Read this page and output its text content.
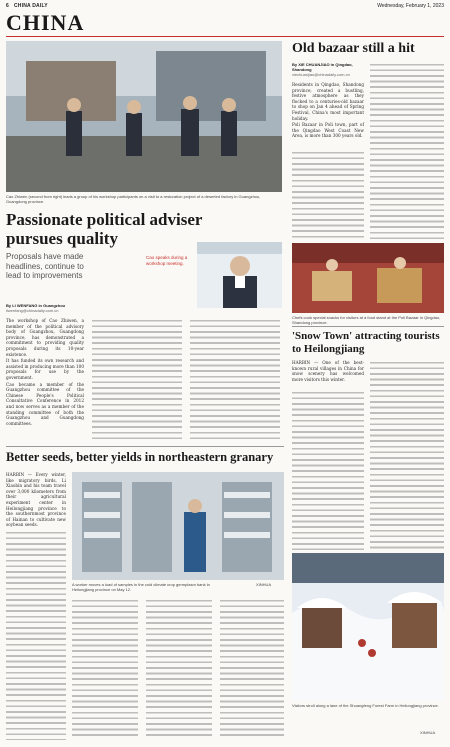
6 CHINA DAILY	Wednesday, February 1, 2023
CHINA
Cao Zhiwen (second from right) leads a group of his workshop participants on a visit to a restoration project of a deserted factory in Guangzhou, Guangdong province.
Passionate political adviser pursues quality
Proposals have made headlines, continue to lead to improvements
By LI WENFANG in Guangzhou
liwenfang@chinadaily.com.cn

The workshop of Cao Zhiwen, a member of the political advisory body of Guangzhou, Guangdong province, has demonstrated a commitment to providing quality proposals during its 10-year existence.

It has funded its own research and assisted in producing more than 100 proposals for use by the government.

Cao became a member of the Guangzhou committee of the Chinese People's Political Consultative Conference in 2012 and now serves as a member of the standing committee of both the Guangzhou and Guangdong committees.

Cao speaks during a workshop meeting.
Old bazaar still a hit
By XIE CHUANJIAO in Qingdao, Shandong
xiechuanjiao@chinadaily.com.cn

Residents in Qingdao, Shandong province, created a bustling, festive atmosphere as they flocked to a centuries-old bazaar to shop on Jan 4 ahead of Spring Festival, China's most important holiday.

Poli Bazaar in Poli town, part of the Qingdao West Coast New Area, is more than 300 years old.

Chefs cook special snacks for visitors at a food stand at the Poli Bazaar in Qingdao, Shandong province.
'Snow Town' attracting tourists to Heilongjiang
HARBIN — One of the best-known rural villages in China for snow scenery has welcomed more visitors this winter.
Better seeds, better yields in northeastern granary
HARBIN — Every winter, like migratory birds, Li Xiaobin and his team travel over 3,000 kilometers from their agricultural experiment center in Heilongjiang province to the southernmost province of Hainan to cultivate new soybean seeds.
A worker moves a load of samples in the cold climate crop germplasm bank in Heilongjiang province on May 12.
XINHUA
Visitors stroll along a lane of the Shuangfeng Forest Farm in Heilongjiang province.
XINHUA
